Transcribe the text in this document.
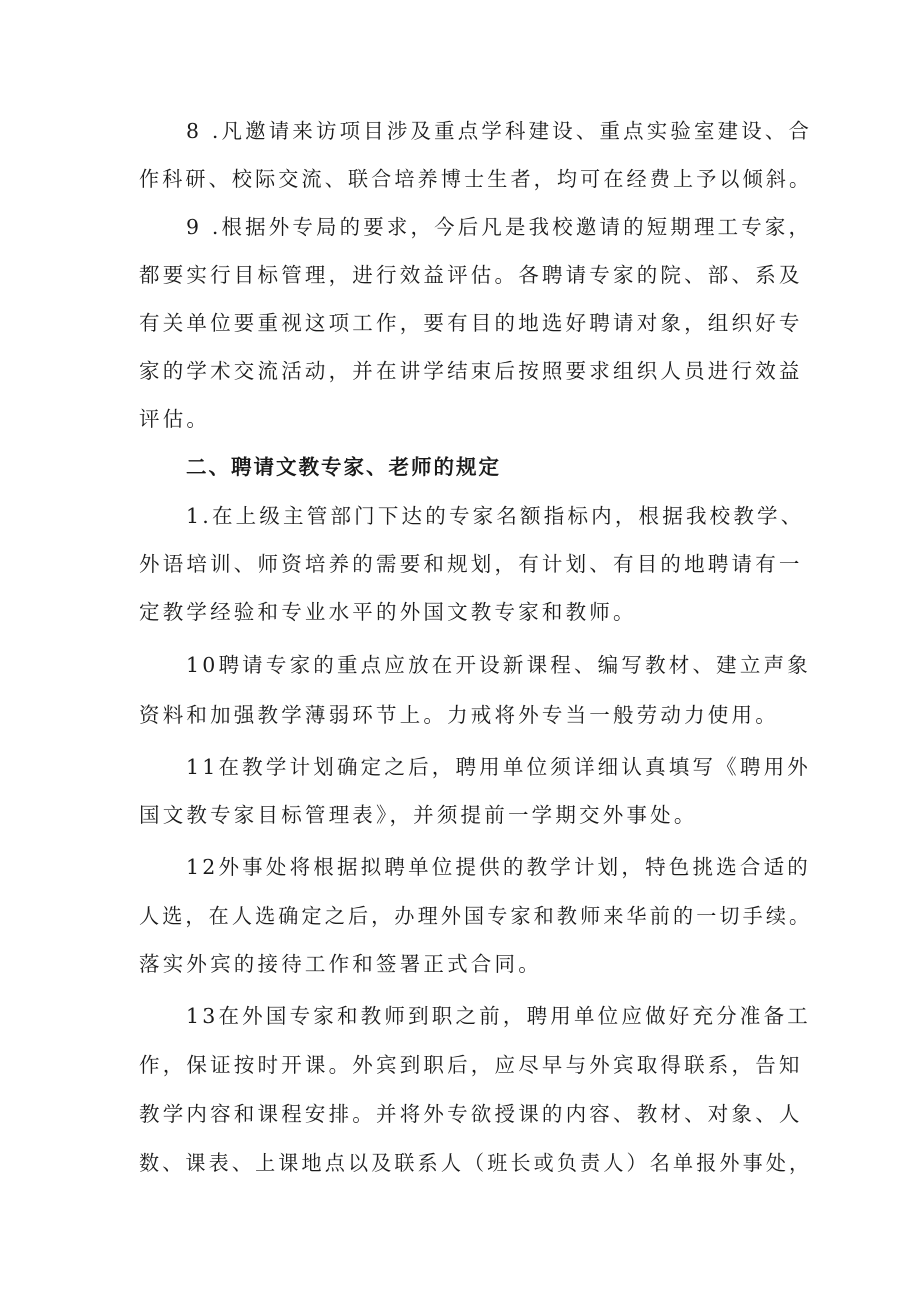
8 .凡邀请来访项目涉及重点学科建设、重点实验室建设、合

作科研、校际交流、联合培养博士生者，均可在经费上予以倾斜。

9 .根据外专局的要求，今后凡是我校邀请的短期理工专家，

都要实行目标管理，进行效益评估。各聘请专家的院、部、系及

有关单位要重视这项工作，要有目的地选好聘请对象，组织好专

家的学术交流活动，并在讲学结束后按照要求组织人员进行效益

评估。

二、聘请文教专家、老师的规定

1.在上级主管部门下达的专家名额指标内，根据我校教学、

外语培训、师资培养的需要和规划，有计划、有目的地聘请有一

定教学经验和专业水平的外国文教专家和教师。

10聘请专家的重点应放在开设新课程、编写教材、建立声象

资料和加强教学薄弱环节上。力戒将外专当一般劳动力使用。

11在教学计划确定之后，聘用单位须详细认真填写《聘用外

国文教专家目标管理表》，并须提前一学期交外事处。

12外事处将根据拟聘单位提供的教学计划，特色挑选合适的

人选，在人选确定之后，办理外国专家和教师来华前的一切手续。

落实外宾的接待工作和签署正式合同。

13在外国专家和教师到职之前，聘用单位应做好充分准备工

作，保证按时开课。外宾到职后，应尽早与外宾取得联系，告知

教学内容和课程安排。并将外专欲授课的内容、教材、对象、人

数、课表、上课地点以及联系人（班长或负责人）名单报外事处，
